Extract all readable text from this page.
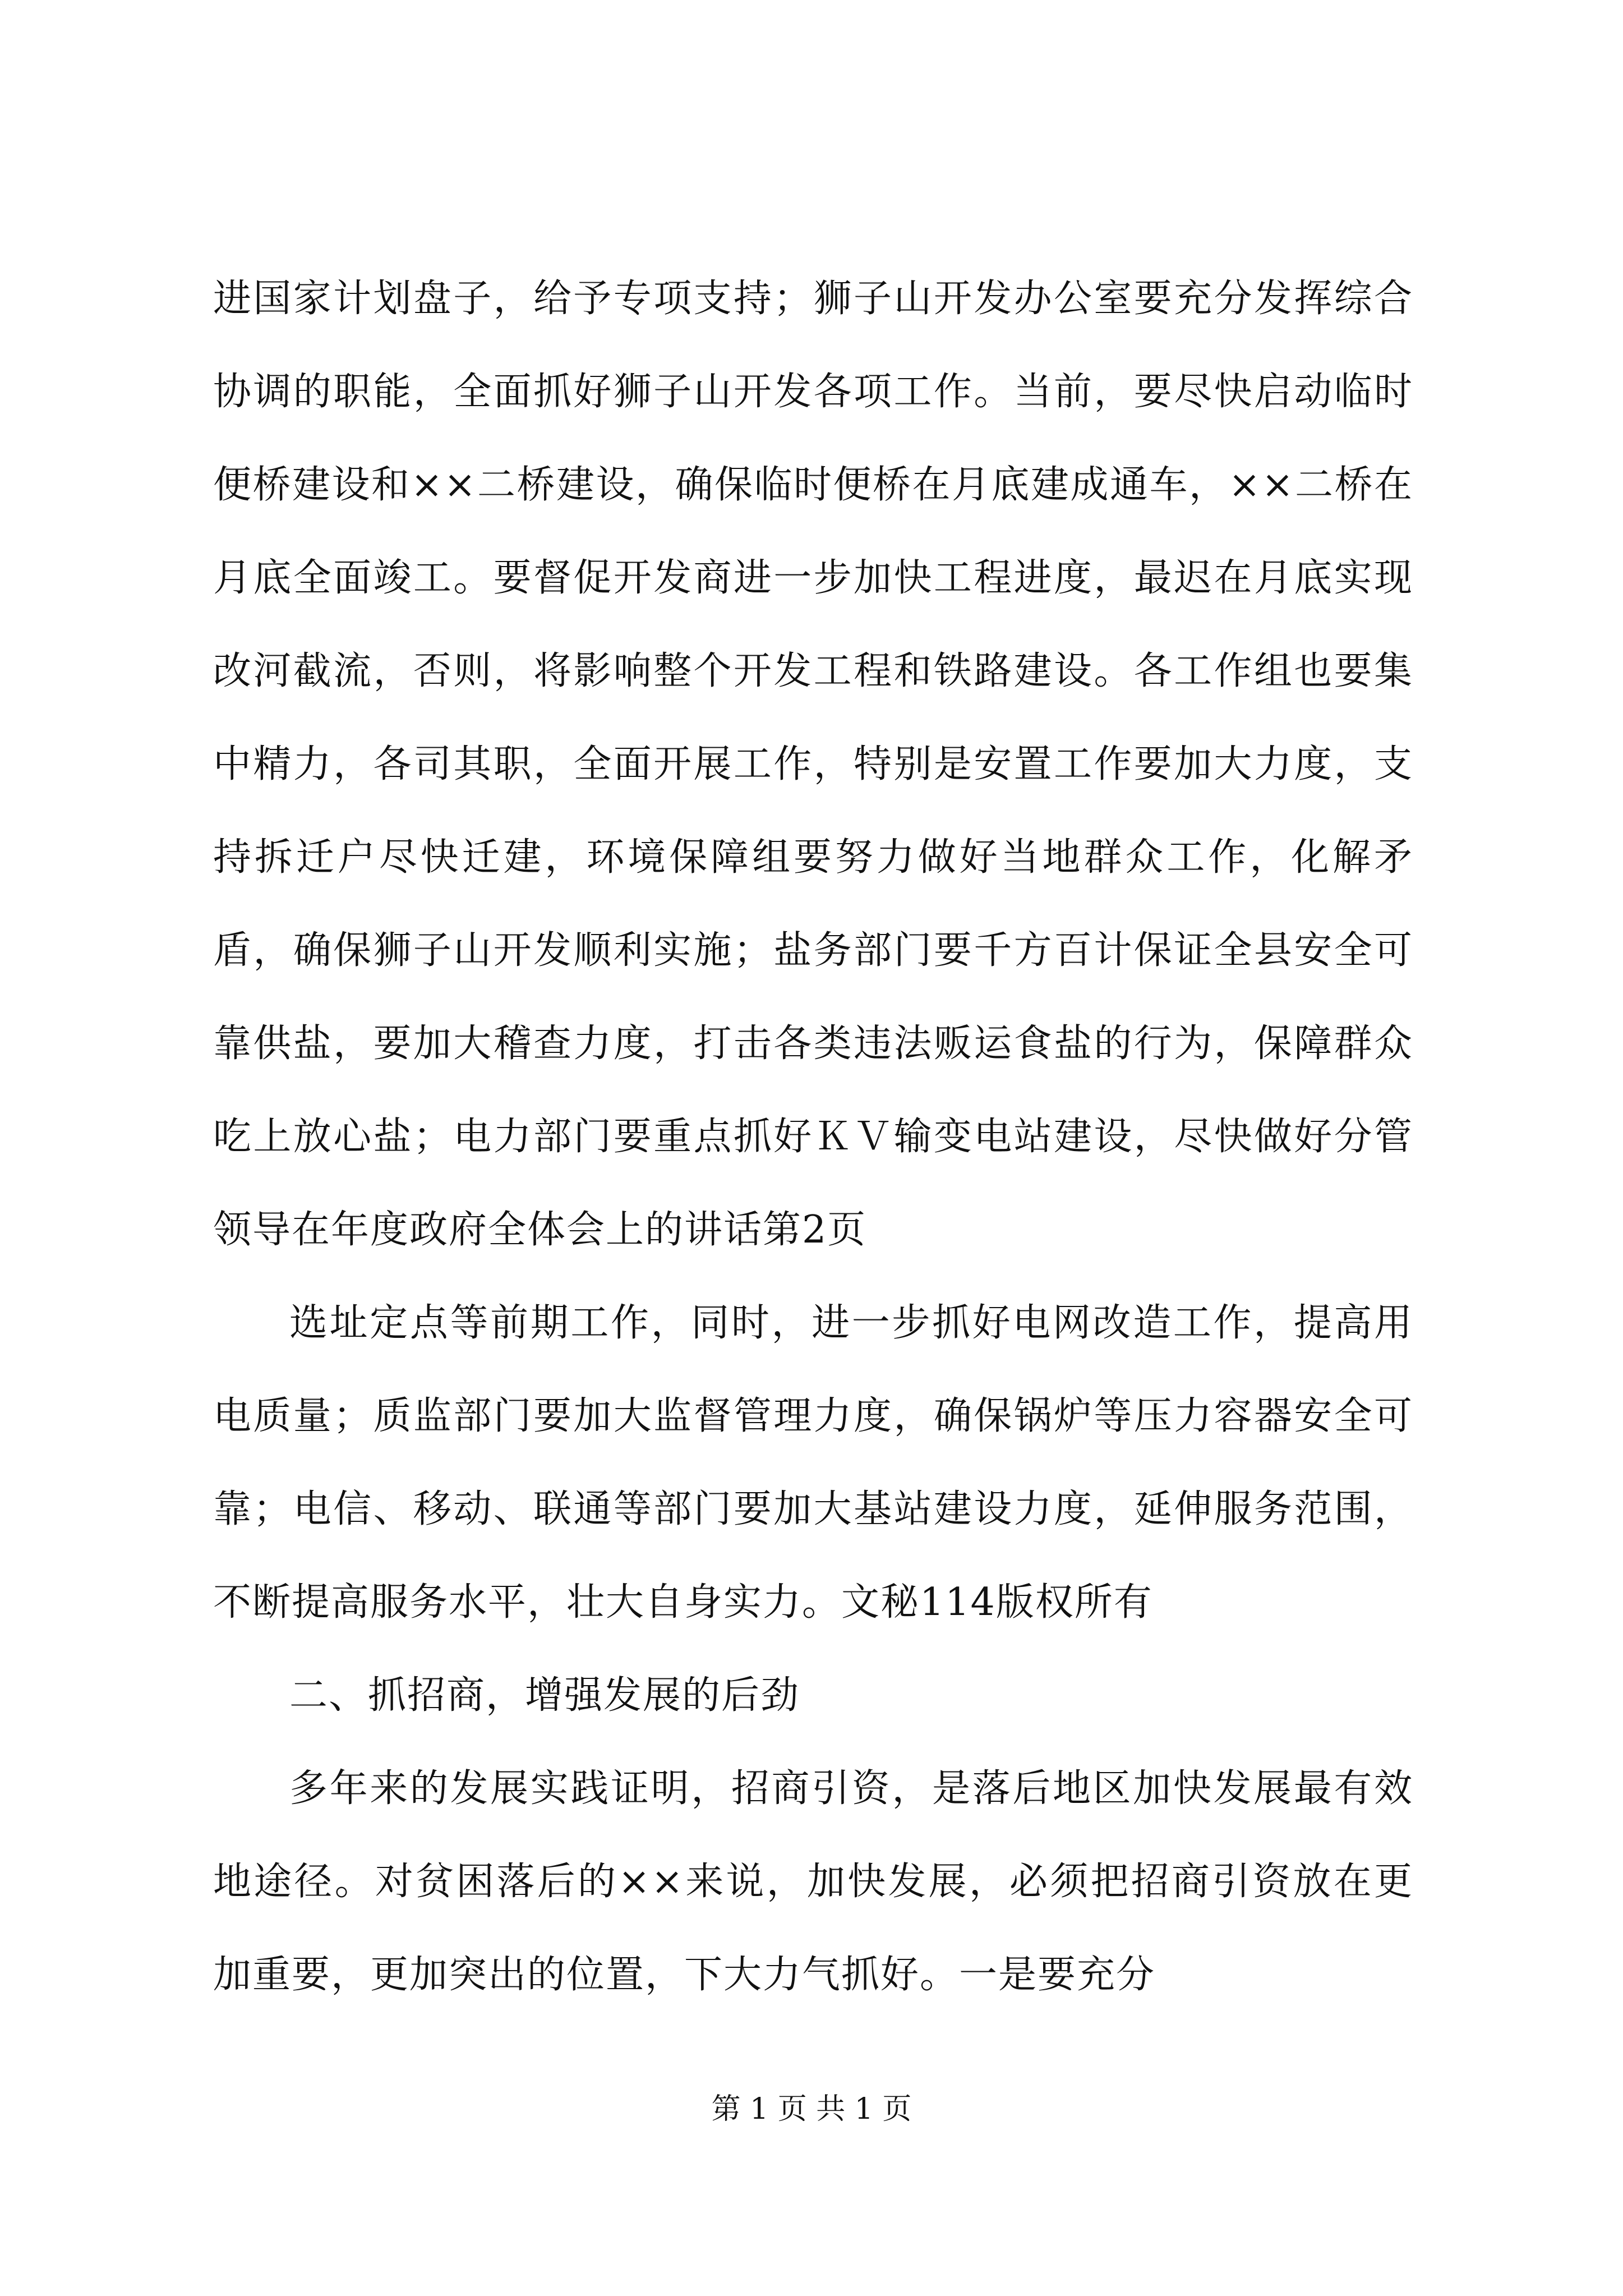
进国家计划盘子，给予专项支持；狮子山开发办公室要充分发挥综合协调的职能，全面抓好狮子山开发各项工作。当前，要尽快启动临时便桥建设和××二桥建设，确保临时便桥在月底建成通车，××二桥在月底全面竣工。要督促开发商进一步加快工程进度，最迟在月底实现改河截流，否则，将影响整个开发工程和铁路建设。各工作组也要集中精力，各司其职，全面开展工作，特别是安置工作要加大力度，支持拆迁户尽快迁建，环境保障组要努力做好当地群众工作，化解矛盾，确保狮子山开发顺利实施；盐务部门要千方百计保证全县安全可靠供盐，要加大稽查力度，打击各类违法贩运食盐的行为，保障群众吃上放心盐；电力部门要重点抓好ＫＶ输变电站建设，尽快做好分管领导在年度政府全体会上的讲话第2页

选址定点等前期工作，同时，进一步抓好电网改造工作，提高用电质量；质监部门要加大监督管理力度，确保锅炉等压力容器安全可靠；电信、移动、联通等部门要加大基站建设力度，延伸服务范围，不断提高服务水平，壮大自身实力。文秘114版权所有

二、抓招商，增强发展的后劲

多年来的发展实践证明，招商引资，是落后地区加快发展最有效地途径。对贫困落后的××来说，加快发展，必须把招商引资放在更加重要，更加突出的位置，下大力气抓好。一是要充分

第 1 页 共 1 页
